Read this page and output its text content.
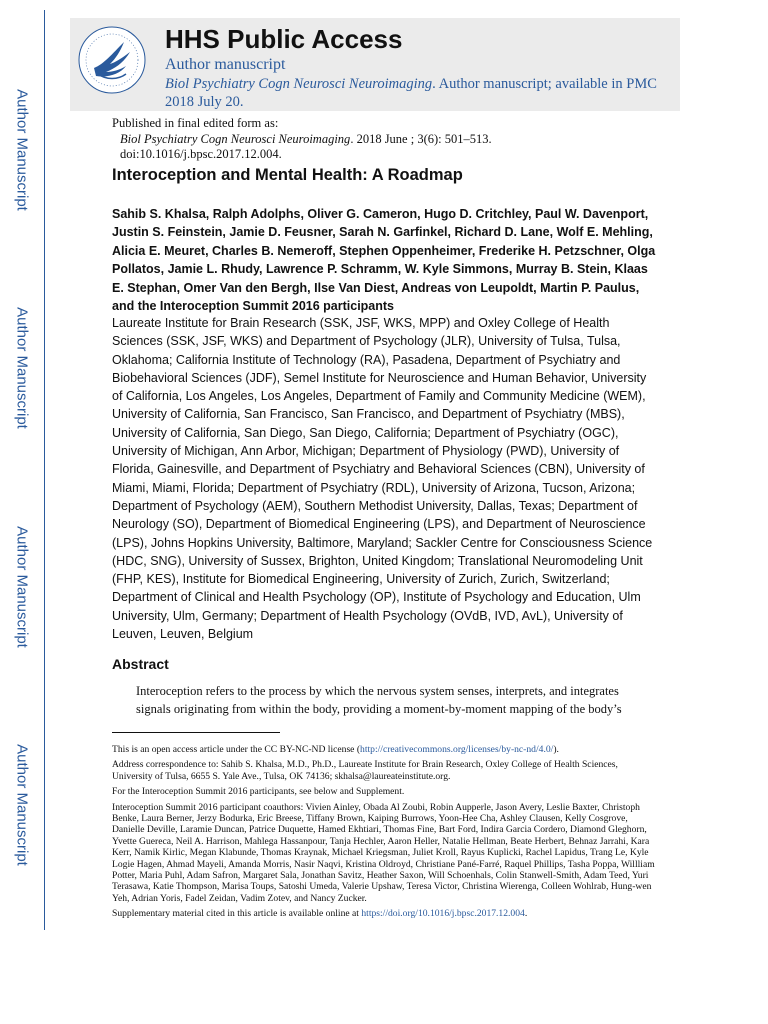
Author Manuscript
Author Manuscript
Author Manuscript
Author Manuscript
HHS Public Access
Author manuscript
Biol Psychiatry Cogn Neurosci Neuroimaging. Author manuscript; available in PMC 2018 July 20.
Published in final edited form as:
Biol Psychiatry Cogn Neurosci Neuroimaging. 2018 June ; 3(6): 501–513. doi:10.1016/j.bpsc.2017.12.004.
Interoception and Mental Health: A Roadmap
Sahib S. Khalsa, Ralph Adolphs, Oliver G. Cameron, Hugo D. Critchley, Paul W. Davenport, Justin S. Feinstein, Jamie D. Feusner, Sarah N. Garfinkel, Richard D. Lane, Wolf E. Mehling, Alicia E. Meuret, Charles B. Nemeroff, Stephen Oppenheimer, Frederike H. Petzschner, Olga Pollatos, Jamie L. Rhudy, Lawrence P. Schramm, W. Kyle Simmons, Murray B. Stein, Klaas E. Stephan, Omer Van den Bergh, Ilse Van Diest, Andreas von Leupoldt, Martin P. Paulus, and the Interoception Summit 2016 participants
Laureate Institute for Brain Research (SSK, JSF, WKS, MPP) and Oxley College of Health Sciences (SSK, JSF, WKS) and Department of Psychology (JLR), University of Tulsa, Tulsa, Oklahoma; California Institute of Technology (RA), Pasadena, Department of Psychiatry and Biobehavioral Sciences (JDF), Semel Institute for Neuroscience and Human Behavior, University of California, Los Angeles, Los Angeles, Department of Family and Community Medicine (WEM), University of California, San Francisco, San Francisco, and Department of Psychiatry (MBS), University of California, San Diego, San Diego, California; Department of Psychiatry (OGC), University of Michigan, Ann Arbor, Michigan; Department of Physiology (PWD), University of Florida, Gainesville, and Department of Psychiatry and Behavioral Sciences (CBN), University of Miami, Miami, Florida; Department of Psychiatry (RDL), University of Arizona, Tucson, Arizona; Department of Psychology (AEM), Southern Methodist University, Dallas, Texas; Department of Neurology (SO), Department of Biomedical Engineering (LPS), and Department of Neuroscience (LPS), Johns Hopkins University, Baltimore, Maryland; Sackler Centre for Consciousness Science (HDC, SNG), University of Sussex, Brighton, United Kingdom; Translational Neuromodeling Unit (FHP, KES), Institute for Biomedical Engineering, University of Zurich, Zurich, Switzerland; Department of Clinical and Health Psychology (OP), Institute of Psychology and Education, Ulm University, Ulm, Germany; Department of Health Psychology (OVdB, IVD, AvL), University of Leuven, Leuven, Belgium
Abstract
Interoception refers to the process by which the nervous system senses, interprets, and integrates signals originating from within the body, providing a moment-by-moment mapping of the body’s

This is an open access article under the CC BY-NC-ND license (http://creativecommons.org/licenses/by-nc-nd/4.0/).

Address correspondence to: Sahib S. Khalsa, M.D., Ph.D., Laureate Institute for Brain Research, Oxley College of Health Sciences, University of Tulsa, 6655 S. Yale Ave., Tulsa, OK 74136; skhalsa@laureateinstitute.org.

For the Interoception Summit 2016 participants, see below and Supplement.

Interoception Summit 2016 participant coauthors: Vivien Ainley, Obada Al Zoubi, Robin Aupperle, Jason Avery, Leslie Baxter, Christoph Benke, Laura Berner, Jerzy Bodurka, Eric Breese, Tiffany Brown, Kaiping Burrows, Yoon-Hee Cha, Ashley Clausen, Kelly Cosgrove, Danielle Deville, Laramie Duncan, Patrice Duquette, Hamed Ekhtiari, Thomas Fine, Bart Ford, Indira Garcia Cordero, Diamond Gleghorn, Yvette Guereca, Neil A. Harrison, Mahlega Hassanpour, Tanja Hechler, Aaron Heller, Natalie Hellman, Beate Herbert, Behnaz Jarrahi, Kara Kerr, Namik Kirlic, Megan Klabunde, Thomas Kraynak, Michael Kriegsman, Juliet Kroll, Rayus Kuplicki, Rachel Lapidus, Trang Le, Kyle Logie Hagen, Ahmad Mayeli, Amanda Morris, Nasir Naqvi, Kristina Oldroyd, Christiane Pané-Farré, Raquel Phillips, Tasha Poppa, Willliam Potter, Maria Puhl, Adam Safron, Margaret Sala, Jonathan Savitz, Heather Saxon, Will Schoenhals, Colin Stanwell-Smith, Adam Teed, Yuri Terasawa, Katie Thompson, Marisa Toups, Satoshi Umeda, Valerie Upshaw, Teresa Victor, Christina Wierenga, Colleen Wohlrab, Hung-wen Yeh, Adrian Yoris, Fadel Zeidan, Vadim Zotev, and Nancy Zucker.

Supplementary material cited in this article is available online at https://doi.org/10.1016/j.bpsc.2017.12.004.
